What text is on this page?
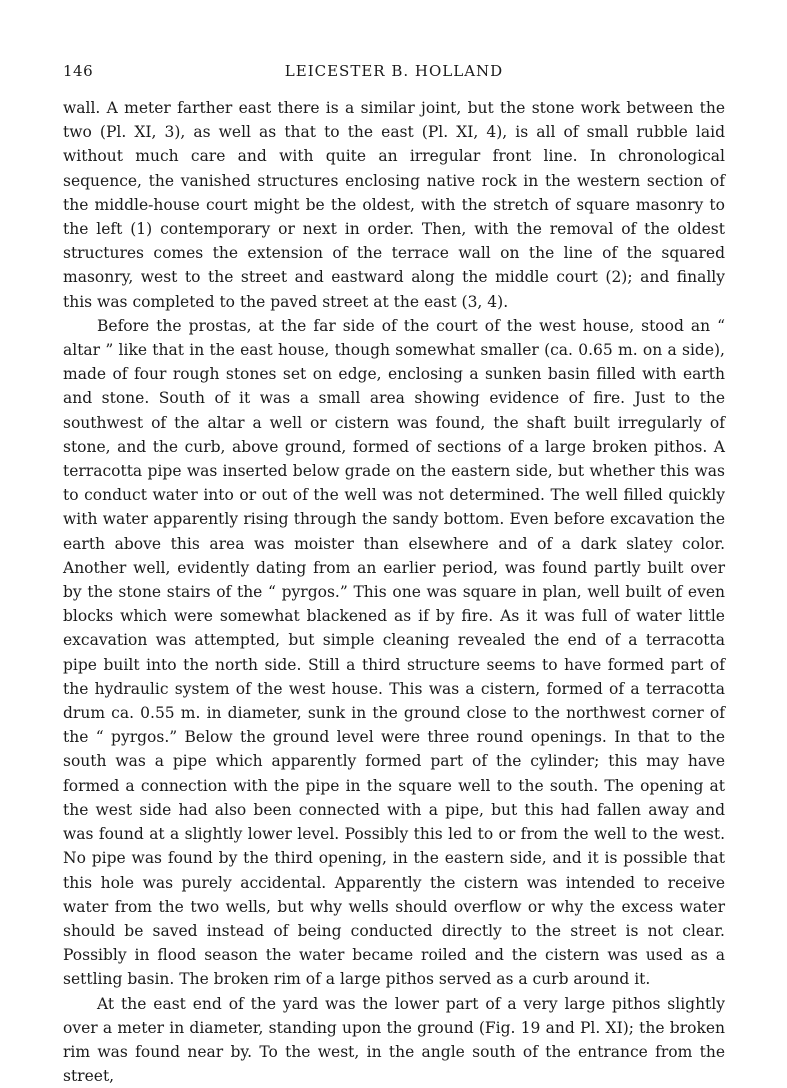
146	LEICESTER B. HOLLAND

wall. A meter farther east there is a similar joint, but the stone work between the two (Pl. XI, 3), as well as that to the east (Pl. XI, 4), is all of small rubble laid without much care and with quite an irregular front line. In chronological sequence, the vanished structures enclosing native rock in the western section of the middle-house court might be the oldest, with the stretch of square masonry to the left (1) contemporary or next in order. Then, with the removal of the oldest structures comes the extension of the terrace wall on the line of the squared masonry, west to the street and eastward along the middle court (2); and finally this was completed to the paved street at the east (3, 4).

Before the prostas, at the far side of the court of the west house, stood an “ altar ” like that in the east house, though somewhat smaller (ca. 0.65 m. on a side), made of four rough stones set on edge, enclosing a sunken basin filled with earth and stone. South of it was a small area showing evidence of fire. Just to the southwest of the altar a well or cistern was found, the shaft built irregularly of stone, and the curb, above ground, formed of sections of a large broken pithos. A terracotta pipe was inserted below grade on the eastern side, but whether this was to conduct water into or out of the well was not determined. The well filled quickly with water apparently rising through the sandy bottom. Even before excavation the earth above this area was moister than elsewhere and of a dark slatey color. Another well, evidently dating from an earlier period, was found partly built over by the stone stairs of the “ pyrgos.” This one was square in plan, well built of even blocks which were somewhat blackened as if by fire. As it was full of water little excavation was attempted, but simple cleaning revealed the end of a terracotta pipe built into the north side. Still a third structure seems to have formed part of the hydraulic system of the west house. This was a cistern, formed of a terracotta drum ca. 0.55 m. in diameter, sunk in the ground close to the northwest corner of the “ pyrgos.” Below the ground level were three round openings. In that to the south was a pipe which apparently formed part of the cylinder; this may have formed a connection with the pipe in the square well to the south. The opening at the west side had also been connected with a pipe, but this had fallen away and was found at a slightly lower level. Possibly this led to or from the well to the west. No pipe was found by the third opening, in the eastern side, and it is possible that this hole was purely accidental. Apparently the cistern was intended to receive water from the two wells, but why wells should overflow or why the excess water should be saved instead of being conducted directly to the street is not clear. Possibly in flood season the water became roiled and the cistern was used as a settling basin. The broken rim of a large pithos served as a curb around it.

At the east end of the yard was the lower part of a very large pithos slightly over a meter in diameter, standing upon the ground (Fig. 19 and Pl. XI); the broken rim was found near by. To the west, in the angle south of the entrance from the street,
